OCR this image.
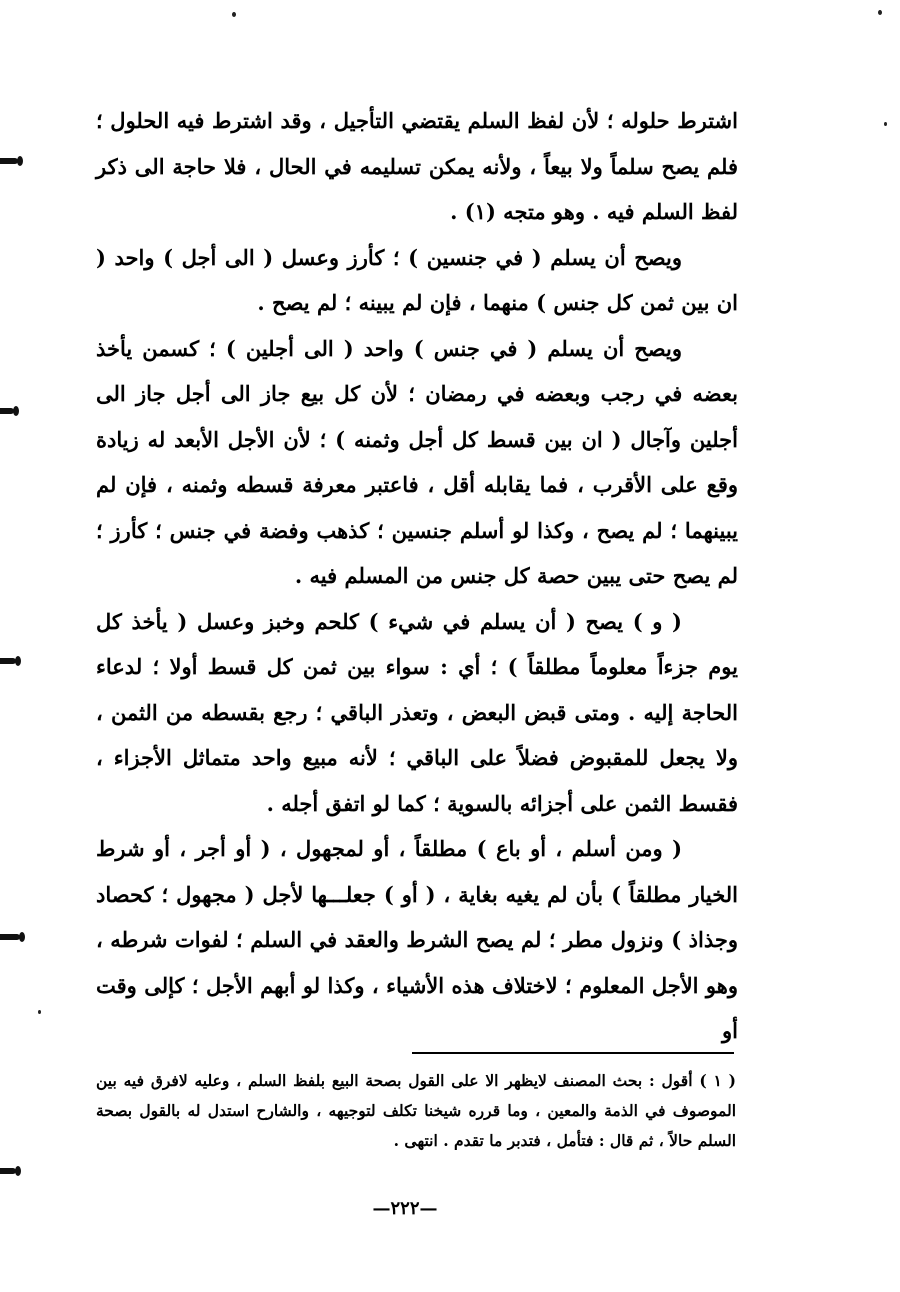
اشترط حلوله ؛ لأن لفظ السلم يقتضي التأجيل ، وقد اشترط فيه الحلول ؛ فلم يصح سلماً ولا بيعاً ، ولأنه يمكن تسليمه في الحال ، فلا حاجة الى ذكر لفظ السلم فيه . وهو متجه (١) .

ويصح أن يسلم ( في جنسين ) ؛ كأرز وعسل ( الى أجل ) واحد ( ان بين ثمن كل جنس ) منهما ، فإن لم يبينه ؛ لم يصح .

ويصح أن يسلم ( في جنس ) واحد ( الى أجلين ) ؛ كسمن يأخذ بعضه في رجب وبعضه في رمضان ؛ لأن كل بيع جاز الى أجل جاز الى أجلين وآجال ( ان بين قسط كل أجل وثمنه ) ؛ لأن الأجل الأبعد له زيادة وقع على الأقرب ، فما يقابله أقل ، فاعتبر معرفة قسطه وثمنه ، فإن لم يبينهما ؛ لم يصح ، وكذا لو أسلم جنسين ؛ كذهب وفضة في جنس ؛ كأرز ؛ لم يصح حتى يبين حصة كل جنس من المسلم فيه .

( و ) يصح ( أن يسلم في شيء ) كلحم وخبز وعسل ( يأخذ كل يوم جزءاً معلوماً مطلقاً ) ؛ أي : سواء بين ثمن كل قسط أولا ؛ لدعاء الحاجة إليه . ومتى قبض البعض ، وتعذر الباقي ؛ رجع بقسطه من الثمن ، ولا يجعل للمقبوض فضلاً على الباقي ؛ لأنه مبيع واحد متماثل الأجزاء ، فقسط الثمن على أجزائه بالسوية ؛ كما لو اتفق أجله .

( ومن أسلم ، أو باع ) مطلقاً ، أو لمجهول ، ( أو أجر ، أو شرط الخيار مطلقاً ) بأن لم يغيه بغاية ، ( أو ) جعلـــها لأجل ( مجهول ؛ كحصاد وجذاذ ) ونزول مطر ؛ لم يصح الشرط والعقد في السلم ؛ لفوات شرطه ، وهو الأجل المعلوم ؛ لاختلاف هذه الأشياء ، وكذا لو أبهم الأجل ؛ كإلى وقت أو

( ١ ) أقول : بحث المصنف لايظهر الا على القول بصحة البيع بلفظ السلم ، وعليه لافرق فيه بين الموصوف في الذمة والمعين ، وما قرره شيخنا تكلف لتوجيهه ، والشارح استدل له بالقول بصحة السلم حالاً ، ثم قال : فتأمل ، فتدبر ما تقدم . انتهى .

—٢٢٢—
